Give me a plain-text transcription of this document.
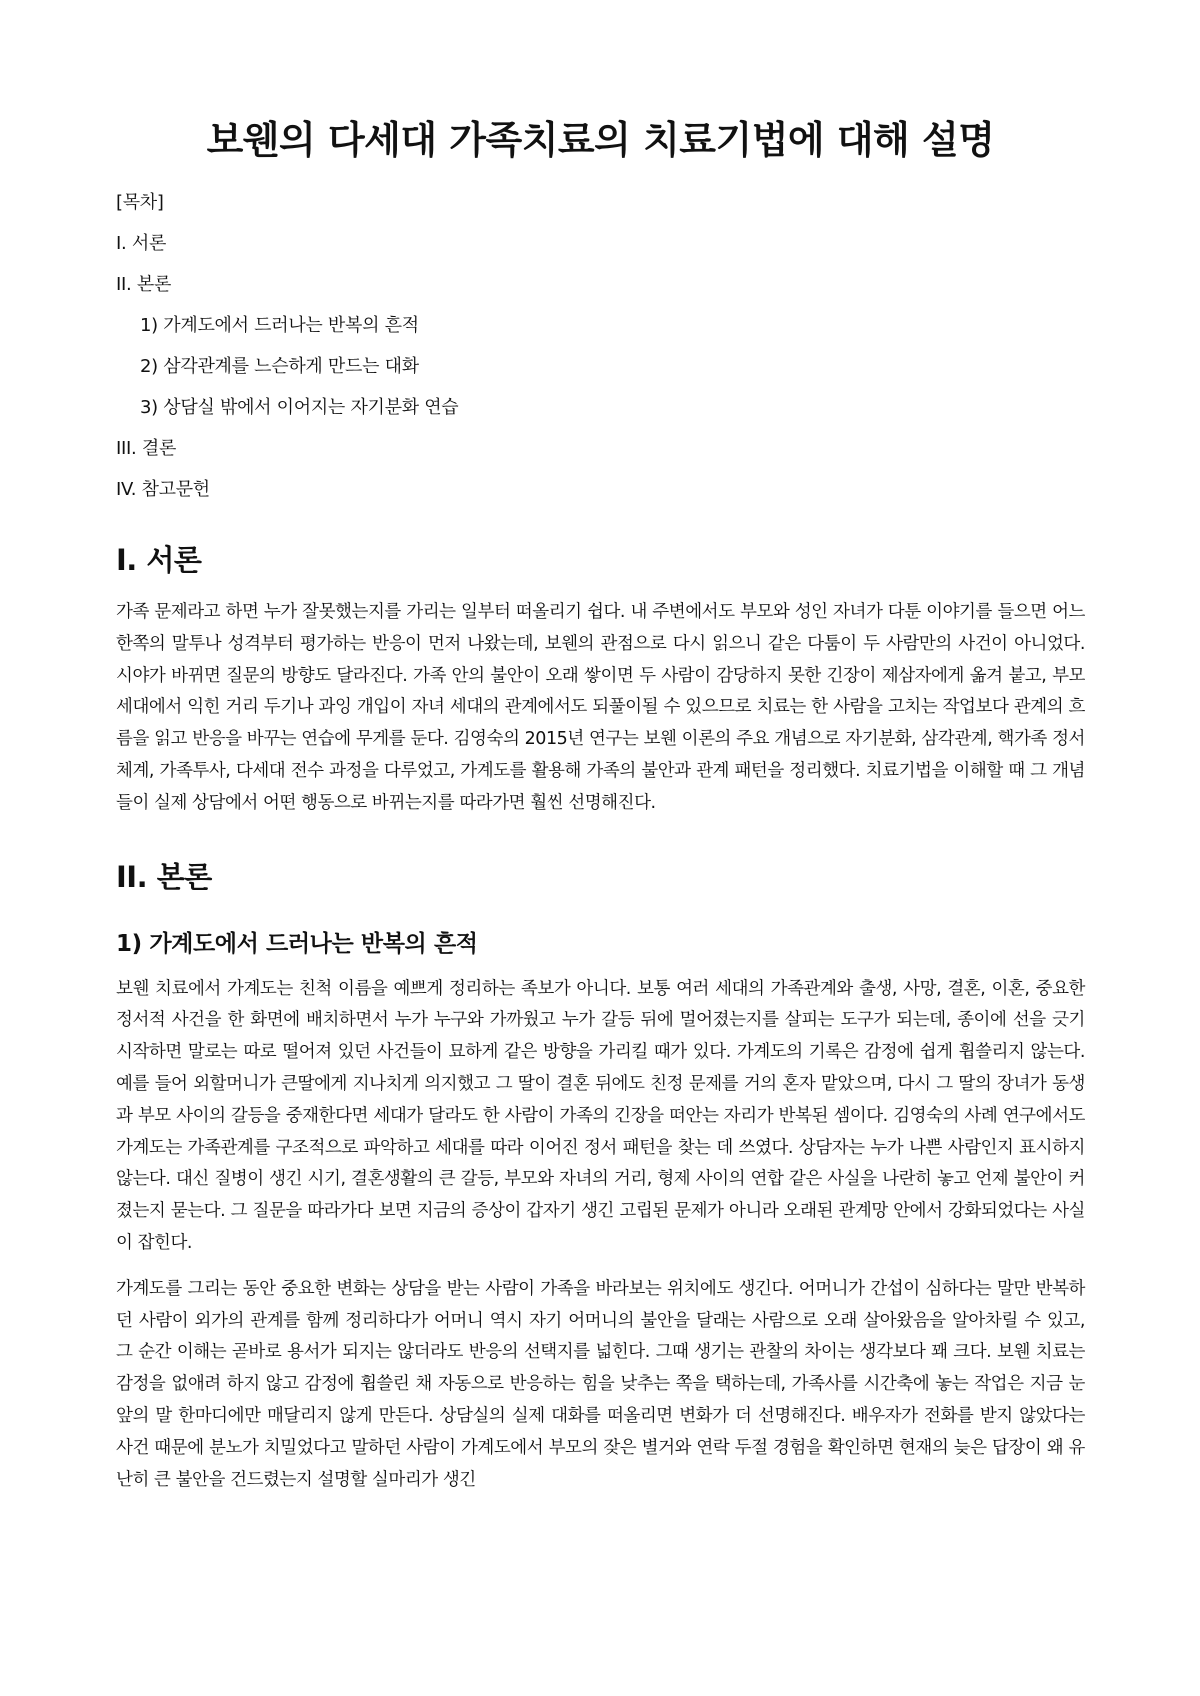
보웬의 다세대 가족치료의 치료기법에 대해 설명
[목차]
I. 서론
II. 본론
1) 가계도에서 드러나는 반복의 흔적
2) 삼각관계를 느슨하게 만드는 대화
3) 상담실 밖에서 이어지는 자기분화 연습
III. 결론
IV. 참고문헌
I. 서론

가족 문제라고 하면 누가 잘못했는지를 가리는 일부터 떠올리기 쉽다. 내 주변에서도 부모와 성인 자녀가 다툰 이야기를 들으면 어느 한쪽의 말투나 성격부터 평가하는 반응이 먼저 나왔는데, 보웬의 관점으로 다시 읽으니 같은 다툼이 두 사람만의 사건이 아니었다. 시야가 바뀌면 질문의 방향도 달라진다. 가족 안의 불안이 오래 쌓이면 두 사람이 감당하지 못한 긴장이 제삼자에게 옮겨 붙고, 부모 세대에서 익힌 거리 두기나 과잉 개입이 자녀 세대의 관계에서도 되풀이될 수 있으므로 치료는 한 사람을 고치는 작업보다 관계의 흐름을 읽고 반응을 바꾸는 연습에 무게를 둔다. 김영숙의 2015년 연구는 보웬 이론의 주요 개념으로 자기분화, 삼각관계, 핵가족 정서체계, 가족투사, 다세대 전수 과정을 다루었고, 가계도를 활용해 가족의 불안과 관계 패턴을 정리했다. 치료기법을 이해할 때 그 개념들이 실제 상담에서 어떤 행동으로 바뀌는지를 따라가면 훨씬 선명해진다.

II. 본론
1) 가계도에서 드러나는 반복의 흔적

보웬 치료에서 가계도는 친척 이름을 예쁘게 정리하는 족보가 아니다. 보통 여러 세대의 가족관계와 출생, 사망, 결혼, 이혼, 중요한 정서적 사건을 한 화면에 배치하면서 누가 누구와 가까웠고 누가 갈등 뒤에 멀어졌는지를 살피는 도구가 되는데, 종이에 선을 긋기 시작하면 말로는 따로 떨어져 있던 사건들이 묘하게 같은 방향을 가리킬 때가 있다. 가계도의 기록은 감정에 쉽게 휩쓸리지 않는다. 예를 들어 외할머니가 큰딸에게 지나치게 의지했고 그 딸이 결혼 뒤에도 친정 문제를 거의 혼자 맡았으며, 다시 그 딸의 장녀가 동생과 부모 사이의 갈등을 중재한다면 세대가 달라도 한 사람이 가족의 긴장을 떠안는 자리가 반복된 셈이다. 김영숙의 사례 연구에서도 가계도는 가족관계를 구조적으로 파악하고 세대를 따라 이어진 정서 패턴을 찾는 데 쓰였다. 상담자는 누가 나쁜 사람인지 표시하지 않는다. 대신 질병이 생긴 시기, 결혼생활의 큰 갈등, 부모와 자녀의 거리, 형제 사이의 연합 같은 사실을 나란히 놓고 언제 불안이 커졌는지 묻는다. 그 질문을 따라가다 보면 지금의 증상이 갑자기 생긴 고립된 문제가 아니라 오래된 관계망 안에서 강화되었다는 사실이 잡힌다.

가계도를 그리는 동안 중요한 변화는 상담을 받는 사람이 가족을 바라보는 위치에도 생긴다. 어머니가 간섭이 심하다는 말만 반복하던 사람이 외가의 관계를 함께 정리하다가 어머니 역시 자기 어머니의 불안을 달래는 사람으로 오래 살아왔음을 알아차릴 수 있고, 그 순간 이해는 곧바로 용서가 되지는 않더라도 반응의 선택지를 넓힌다. 그때 생기는 관찰의 차이는 생각보다 꽤 크다. 보웬 치료는 감정을 없애려 하지 않고 감정에 휩쓸린 채 자동으로 반응하는 힘을 낮추는 쪽을 택하는데, 가족사를 시간축에 놓는 작업은 지금 눈앞의 말 한마디에만 매달리지 않게 만든다. 상담실의 실제 대화를 떠올리면 변화가 더 선명해진다. 배우자가 전화를 받지 않았다는 사건 때문에 분노가 치밀었다고 말하던 사람이 가계도에서 부모의 잦은 별거와 연락 두절 경험을 확인하면 현재의 늦은 답장이 왜 유난히 큰 불안을 건드렸는지 설명할 실마리가 생긴
